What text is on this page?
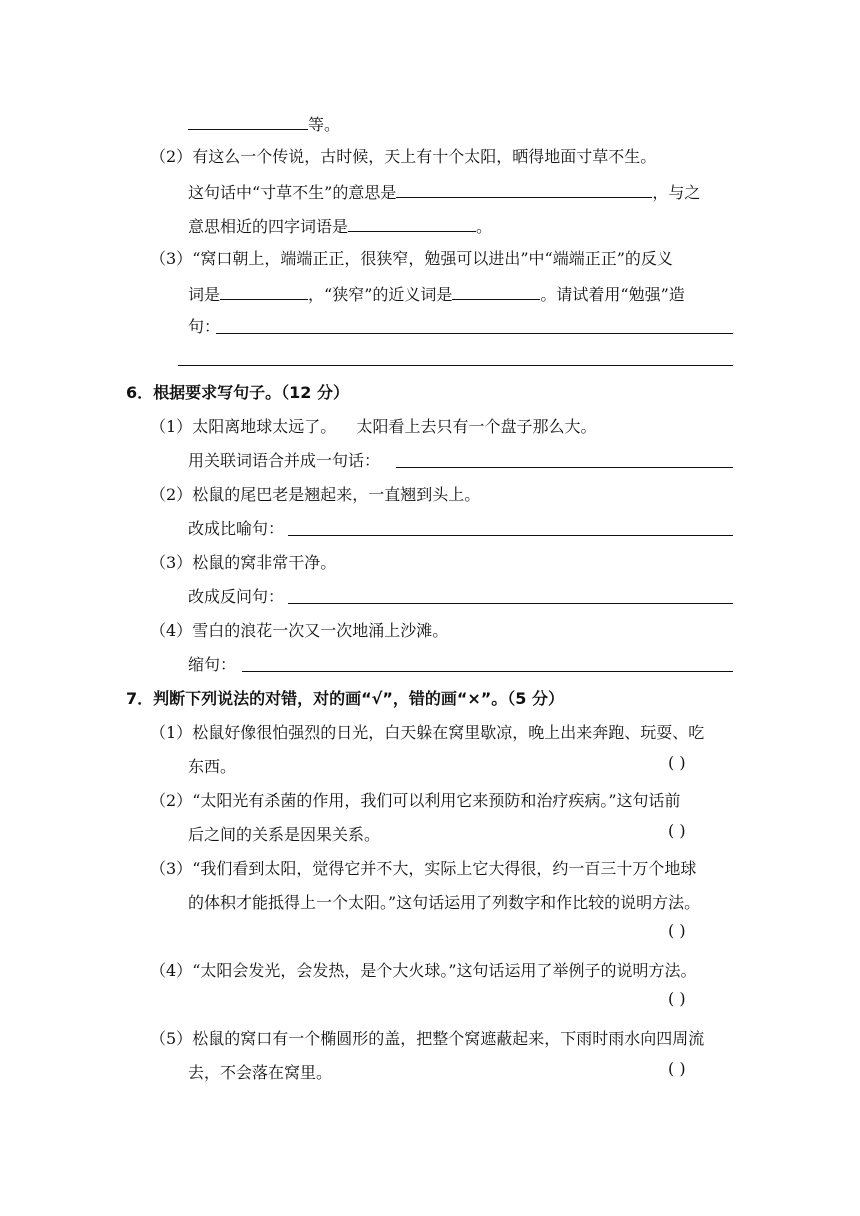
等。
（2）有这么一个传说，古时候，天上有十个太阳，晒得地面寸草不生。
这句话中“寸草不生”的意思是	，与之
意思相近的四字词语是	。
（3）“窝口朝上，端端正正，很狭窄，勉强可以进出”中“端端正正”的反义
词是	，“狭窄”的近义词是	。请试着用“勉强”造
句：
6．根据要求写句子。（12 分）
（1）太阳离地球太远了。    太阳看上去只有一个盘子那么大。
用关联词语合并成一句话：
（2）松鼠的尾巴老是翘起来，一直翘到头上。
改成比喻句：
（3）松鼠的窝非常干净。
改成反问句：
（4）雪白的浪花一次又一次地涌上沙滩。
缩句：
7．判断下列说法的对错，对的画“√”，错的画“×”。（5 分）
（1）松鼠好像很怕强烈的日光，白天躲在窝里歇凉，晚上出来奔跑、玩耍、吃
东西。	( )
（2）“太阳光有杀菌的作用，我们可以利用它来预防和治疗疾病。”这句话前
后之间的关系是因果关系。	( )
（3）“我们看到太阳，觉得它并不大，实际上它大得很，约一百三十万个地球
的体积才能抵得上一个太阳。”这句话运用了列数字和作比较的说明方法。
( )
（4）“太阳会发光，会发热，是个大火球。”这句话运用了举例子的说明方法。
( )
（5）松鼠的窝口有一个椭圆形的盖，把整个窝遮蔽起来，下雨时雨水向四周流
去，不会落在窝里。	( )
